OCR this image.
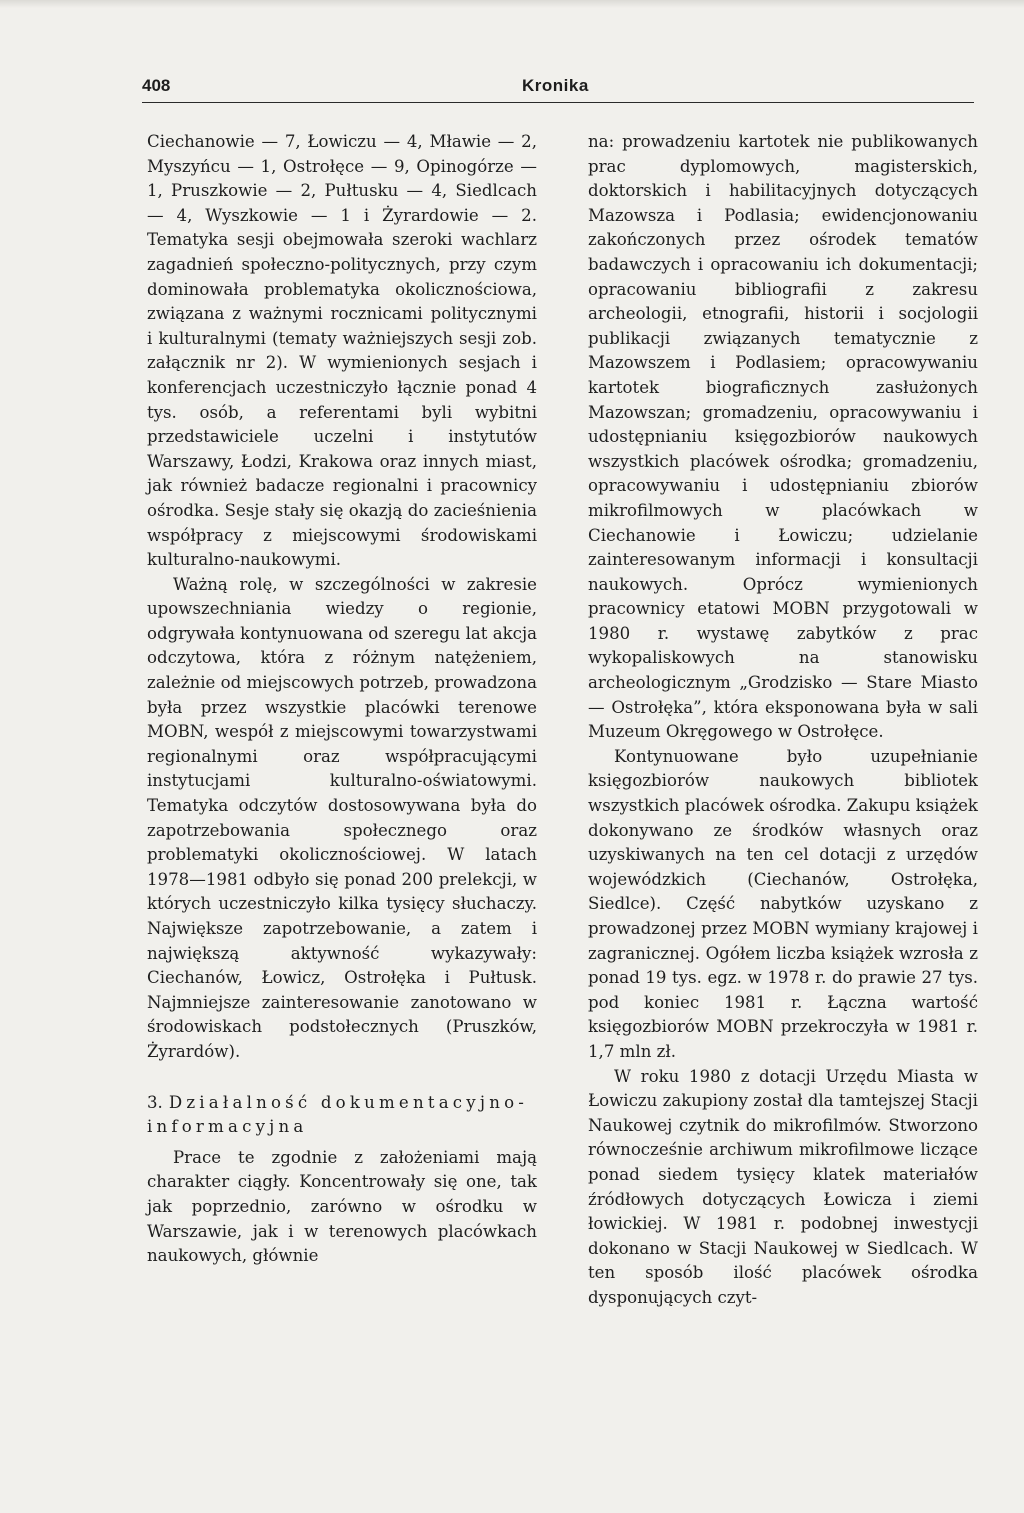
408	Kronika

Ciechanowie — 7, Łowiczu — 4, Mławie — 2, Myszyńcu — 1, Ostrołęce — 9, Opinogórze — 1, Pruszkowie — 2, Pułtusku — 4, Siedlcach — 4, Wyszkowie — 1 i Żyrardowie — 2. Tematyka sesji obejmowała szeroki wachlarz zagadnień społeczno-politycznych, przy czym dominowała problematyka okolicznościowa, związana z ważnymi rocznicami politycznymi i kulturalnymi (tematy ważniejszych sesji zob. załącznik nr 2). W wymienionych sesjach i konferencjach uczestniczyło łącznie ponad 4 tys. osób, a referentami byli wybitni przedstawiciele uczelni i instytutów Warszawy, Łodzi, Krakowa oraz innych miast, jak również badacze regionalni i pracownicy ośrodka. Sesje stały się okazją do zacieśnienia współpracy z miejscowymi środowiskami kulturalno-naukowymi.

Ważną rolę, w szczególności w zakresie upowszechniania wiedzy o regionie, odgrywała kontynuowana od szeregu lat akcja odczytowa, która z różnym natężeniem, zależnie od miejscowych potrzeb, prowadzona była przez wszystkie placówki terenowe MOBN, wespół z miejscowymi towarzystwami regionalnymi oraz współpracującymi instytucjami kulturalno-oświatowymi. Tematyka odczytów dostosowywana była do zapotrzebowania społecznego oraz problematyki okolicznościowej. W latach 1978—1981 odbyło się ponad 200 prelekcji, w których uczestniczyło kilka tysięcy słuchaczy. Największe zapotrzebowanie, a zatem i największą aktywność wykazywały: Ciechanów, Łowicz, Ostrołęka i Pułtusk. Najmniejsze zainteresowanie zanotowano w środowiskach podstołecznych (Pruszków, Żyrardów).

3. Działalność dokumentacyjno-informacyjna

Prace te zgodnie z założeniami mają charakter ciągły. Koncentrowały się one, tak jak poprzednio, zarówno w ośrodku w Warszawie, jak i w terenowych placówkach naukowych, głównie

na: prowadzeniu kartotek nie publikowanych prac dyplomowych, magisterskich, doktorskich i habilitacyjnych dotyczących Mazowsza i Podlasia; ewidencjonowaniu zakończonych przez ośrodek tematów badawczych i opracowaniu ich dokumentacji; opracowaniu bibliografii z zakresu archeologii, etnografii, historii i socjologii publikacji związanych tematycznie z Mazowszem i Podlasiem; opracowywaniu kartotek biograficznych zasłużonych Mazowszan; gromadzeniu, opracowywaniu i udostępnianiu księgozbiorów naukowych wszystkich placówek ośrodka; gromadzeniu, opracowywaniu i udostępnianiu zbiorów mikrofilmowych w placówkach w Ciechanowie i Łowiczu; udzielanie zainteresowanym informacji i konsultacji naukowych. Oprócz wymienionych pracownicy etatowi MOBN przygotowali w 1980 r. wystawę zabytków z prac wykopaliskowych na stanowisku archeologicznym „Grodzisko — Stare Miasto — Ostrołęka”, która eksponowana była w sali Muzeum Okręgowego w Ostrołęce.

Kontynuowane było uzupełnianie księgozbiorów naukowych bibliotek wszystkich placówek ośrodka. Zakupu książek dokonywano ze środków własnych oraz uzyskiwanych na ten cel dotacji z urzędów wojewódzkich (Ciechanów, Ostrołęka, Siedlce). Część nabytków uzyskano z prowadzonej przez MOBN wymiany krajowej i zagranicznej. Ogółem liczba książek wzrosła z ponad 19 tys. egz. w 1978 r. do prawie 27 tys. pod koniec 1981 r. Łączna wartość księgozbiorów MOBN przekroczyła w 1981 r. 1,7 mln zł.

W roku 1980 z dotacji Urzędu Miasta w Łowiczu zakupiony został dla tamtejszej Stacji Naukowej czytnik do mikrofilmów. Stworzono równocześnie archiwum mikrofilmowe liczące ponad siedem tysięcy klatek materiałów źródłowych dotyczących Łowicza i ziemi łowickiej. W 1981 r. podobnej inwestycji dokonano w Stacji Naukowej w Siedlcach. W ten sposób ilość placówek ośrodka dysponujących czyt-
